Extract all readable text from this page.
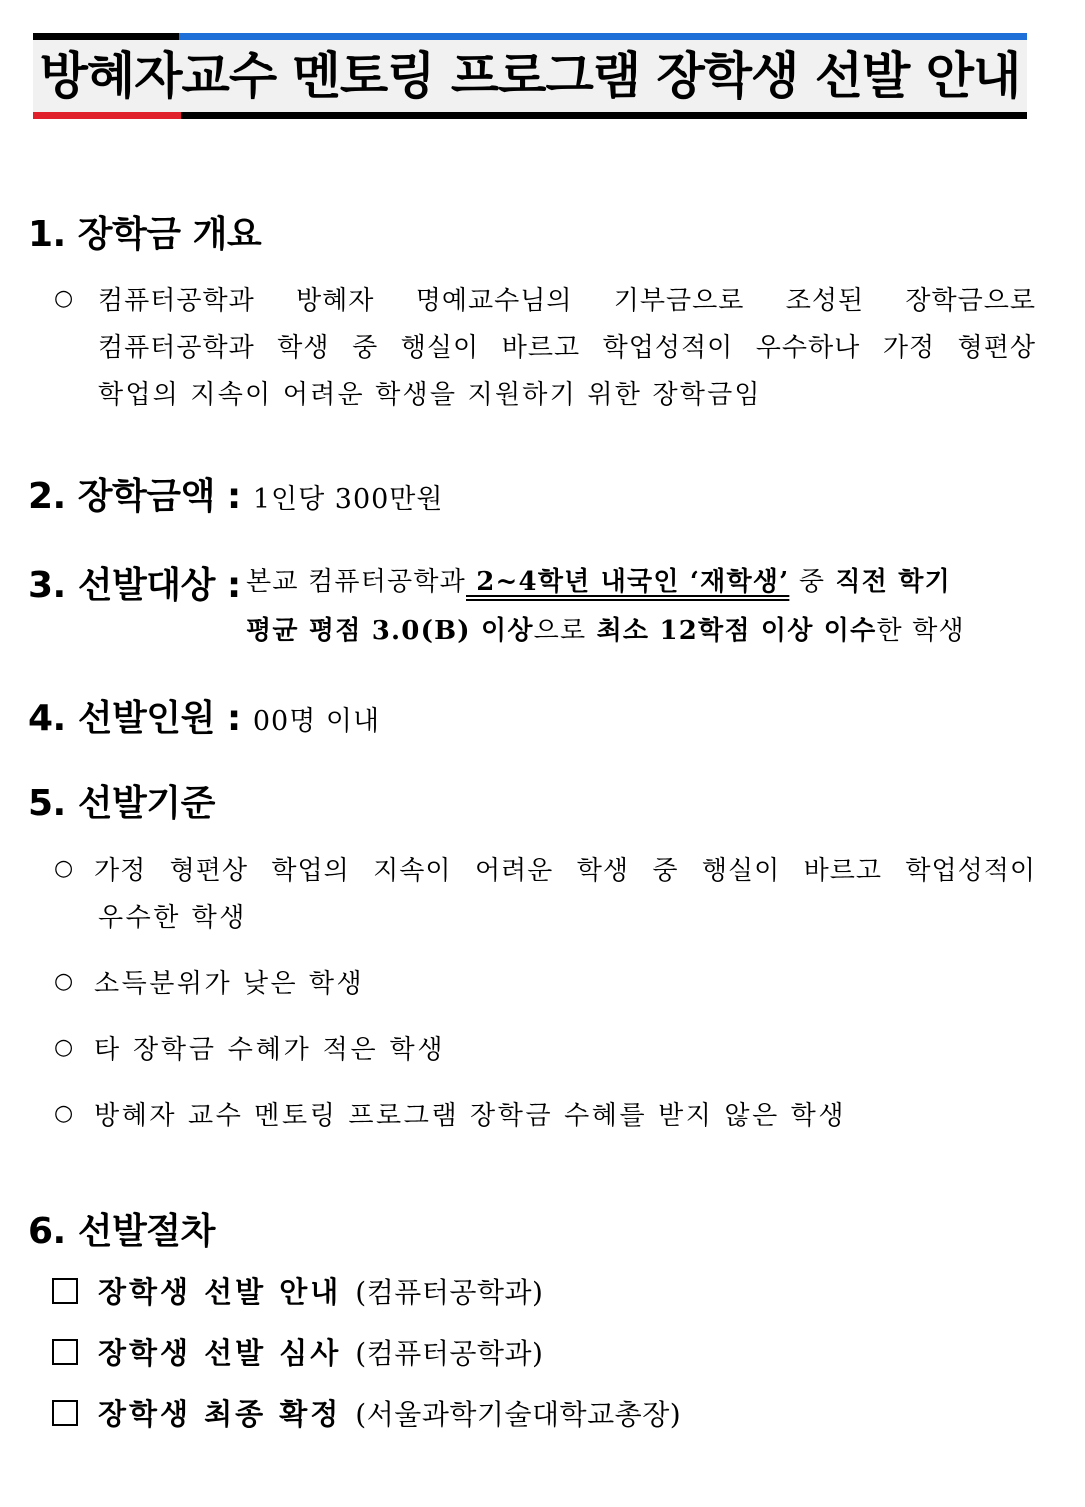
방혜자교수 멘토링 프로그램 장학생 선발 안내
1. 장학금 개요
○ 컴퓨터공학과 방혜자 명예교수님의 기부금으로 조성된 장학금으로
컴퓨터공학과 학생 중 행실이 바르고 학업성적이 우수하나 가정 형편상
학업의 지속이 어려운 학생을 지원하기 위한 장학금임
2. 장학금액 : 1인당 300만원
3. 선발대상 : 본교 컴퓨터공학과 2~4학년 내국인 ‘재학생’ 중 직전 학기
평균 평점 3.0(B) 이상으로 최소 12학점 이상 이수한 학생
4. 선발인원 : 00명 이내
5. 선발기준
○ 가정 형편상 학업의 지속이 어려운 학생 중 행실이 바르고 학업성적이
우수한 학생
○ 소득분위가 낮은 학생
○ 타 장학금 수혜가 적은 학생
○ 방혜자 교수 멘토링 프로그램 장학금 수혜를 받지 않은 학생
6. 선발절차
장학생 선발 안내 (컴퓨터공학과)
장학생 선발 심사 (컴퓨터공학과)
장학생 최종 확정 (서울과학기술대학교총장)
